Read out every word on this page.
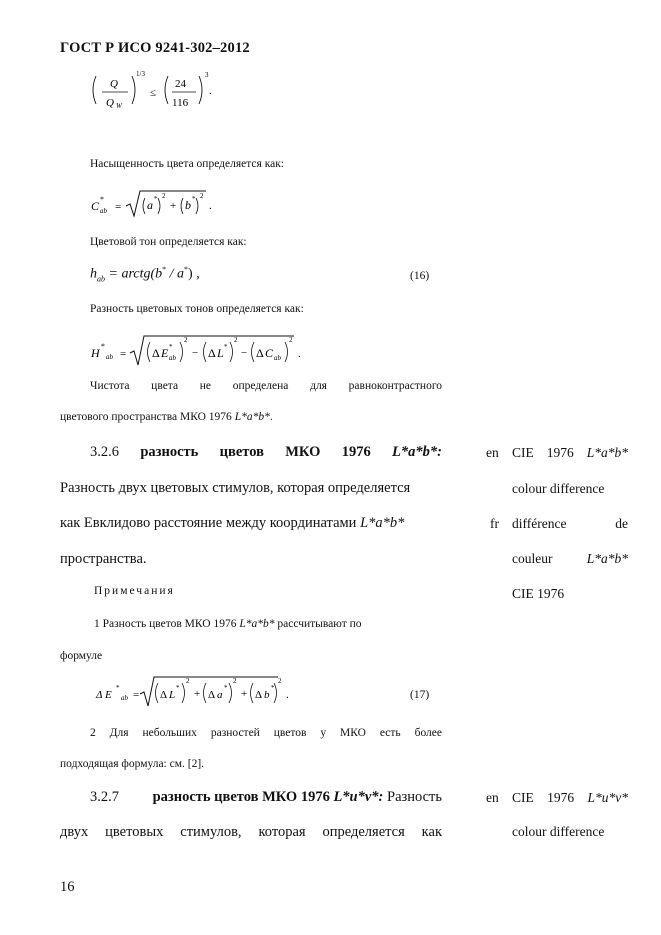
ГОСТ Р ИСО 9241-302–2012
Q
Q W
1/3
≤
24
116
3
.
Насыщенность цвета определяется как:
C *
ab = a * 2
+ b * 2
.
Цветовой тон определяется как:
$h_{ab}$ = arctg(b* / a*) ,	(16)
Разность цветовых тонов определяется как:
H *
ab = Δ E *
ab
2
− Δ L *
2
− Δ C ab
2
.
Чистота цвета не определена для равноконтрастного
цветового пространства МКО 1976 L*a*b*.
3.2.6 разность цветов МКО 1976 L*a*b*:
Разность двух цветовых стимулов, которая определяется
как Евклидово расстояние между координатами L*a*b*
пространства.
Примечания
1 Разность цветов МКО 1976 L*a*b* рассчитывают по
формуле
Δ E
*
ab = Δ L
*
2
+ Δ a
*
2
+ Δ b
*
2
.	(17)
2 Для небольших разностей цветов у МКО есть более
подходящая формула: см. [2].
3.2.7 разность цветов МКО 1976 L*u*v*: Разность
двух цветовых стимулов, которая определяется как
en CIE 1976 L*a*b*
colour difference
fr différence	de
couleur	L*a*b*
CIE 1976
en CIE 1976 L*u*v*
colour difference
16
